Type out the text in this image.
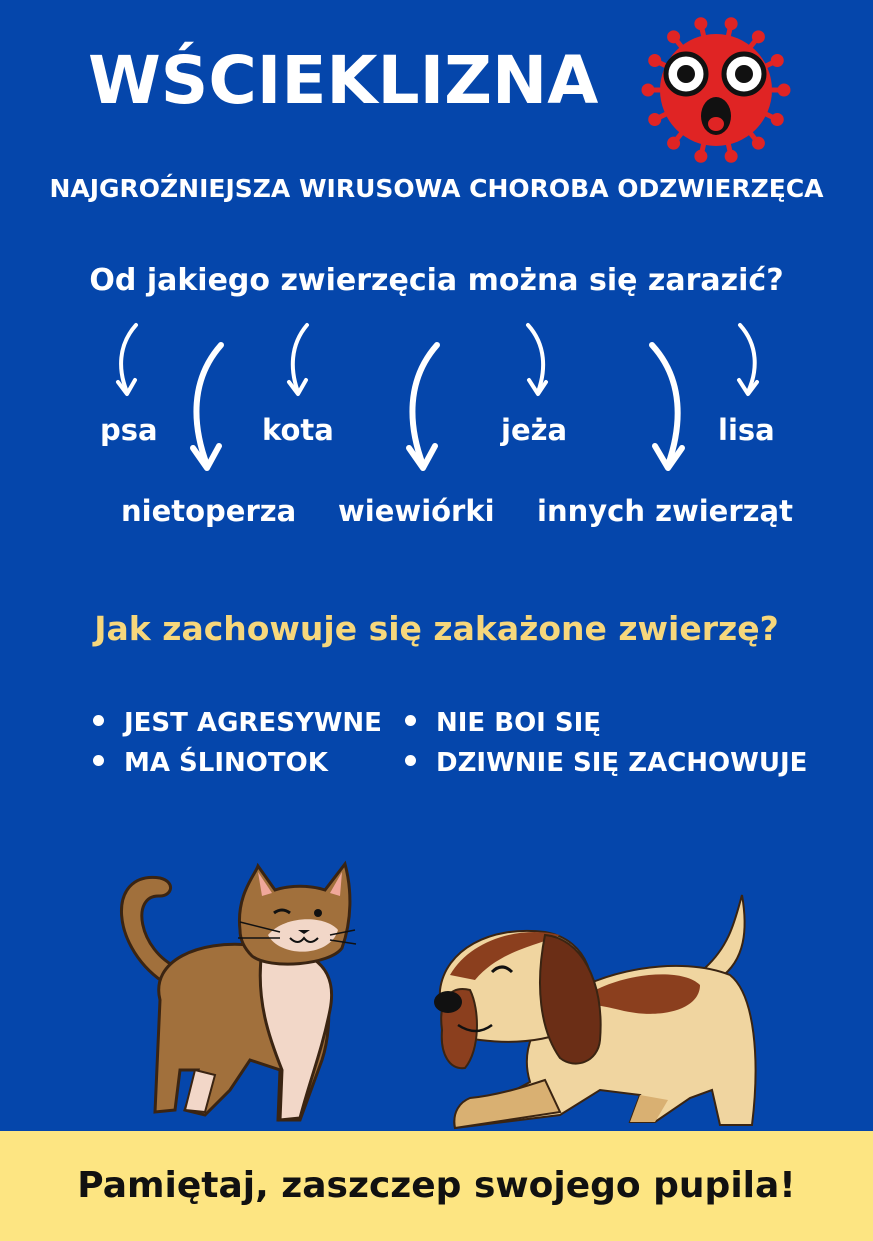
WŚCIEKLIZNA
NAJGROŹNIEJSZA WIRUSOWA CHOROBA ODZWIERZĘCA
Od jakiego zwierzęcia można się zarazić?
psa	kota	jeża	lisa
nietoperza wiewiórki innych zwierząt
Jak zachowuje się zakażone zwierzę?
JEST AGRESYWNE
MA ŚLINOTOK
NIE BOI SIĘ
DZIWNIE SIĘ ZACHOWUJE
Pamiętaj, zaszczep swojego pupila!
